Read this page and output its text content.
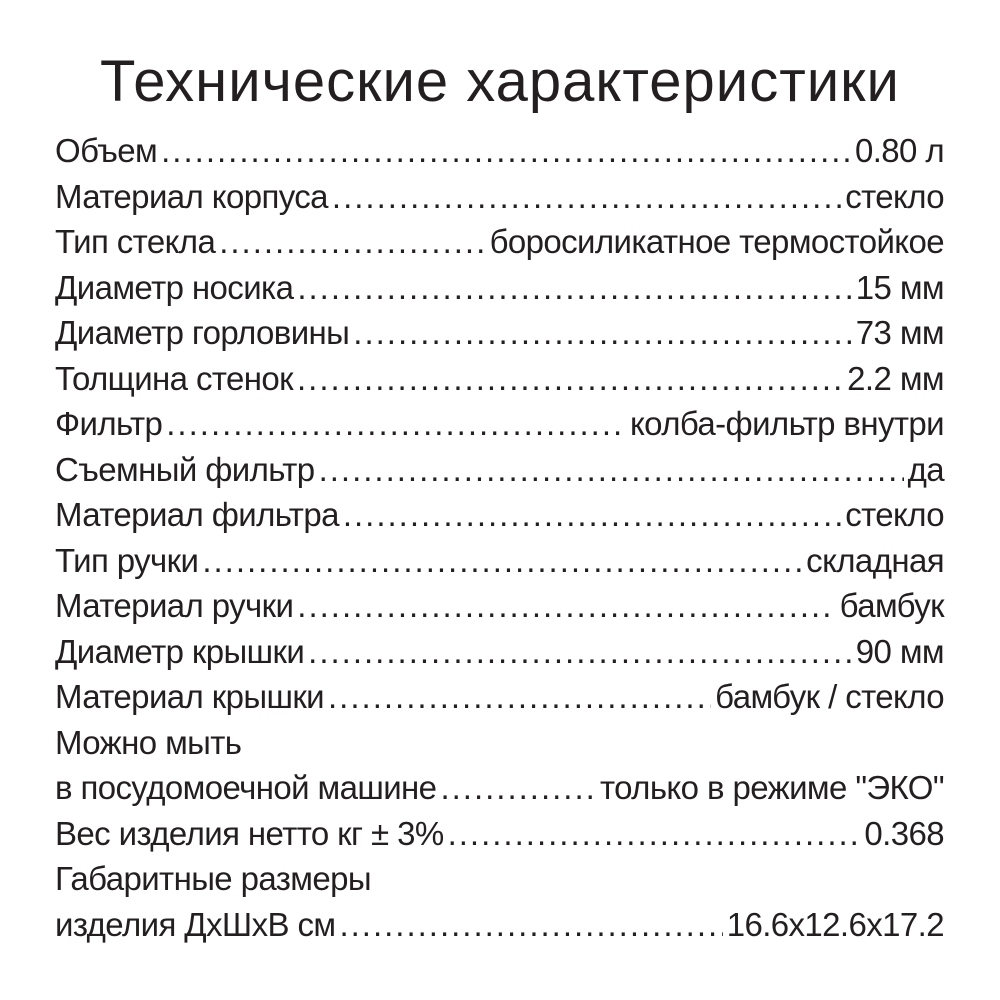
Технические характеристики
Объем .....	0.80 л
Материал корпуса .....	стекло
Тип стекла .....	боросиликатное термостойкое
Диаметр носика .....	15 мм
Диаметр горловины .....	73 мм
Толщина стенок .....	2.2 мм
Фильтр .....	колба-фильтр внутри
Съемный фильтр .....	да
Материал фильтра .....	стекло
Тип ручки .....	складная
Материал ручки .....	бамбук
Диаметр крышки .....	90 мм
Материал крышки .....	бамбук / стекло
Можно мыть
в посудомоечной машине .....	только в режиме "ЭКО"
Вес изделия нетто кг ± 3% .....	0.368
Габаритные размеры
изделия ДхШхВ см .....	16.6x12.6x17.2
